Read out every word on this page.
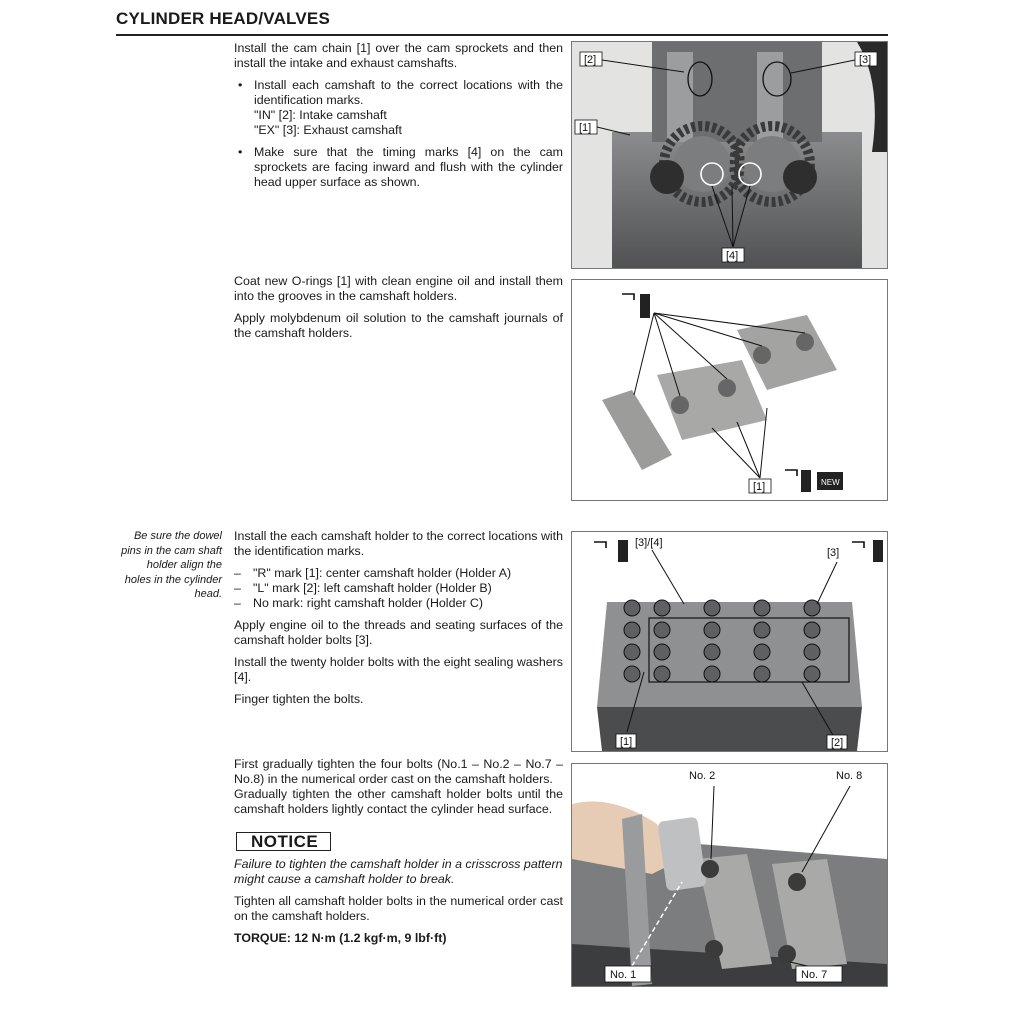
CYLINDER HEAD/VALVES

Install the cam chain [1] over the cam sprockets and then install the intake and exhaust camshafts.

• Install each camshaft to the correct locations with the identification marks.
"IN" [2]: Intake camshaft
"EX" [3]: Exhaust camshaft
• Make sure that the timing marks [4] on the cam sprockets are facing inward and flush with the cylinder head upper surface as shown.
[2]	[3]
[1]
[4]

Coat new O-rings [1] with clean engine oil and install them into the grooves in the camshaft holders.

Apply molybdenum oil solution to the camshaft journals of the camshaft holders.

[1]	NEW
Be sure the dowel pins in the cam shaft holder align the holes in the cylinder head.

Install the each camshaft holder to the correct locations with the identification marks.

– "R" mark [1]: center camshaft holder (Holder A)
– "L" mark [2]: left camshaft holder (Holder B)
– No mark: right camshaft holder (Holder C)

Apply engine oil to the threads and seating surfaces of the camshaft holder bolts [3].

Install the twenty holder bolts with the eight sealing washers [4].

Finger tighten the bolts.

[3]/[4]
[3]
[1]	[2]

First gradually tighten the four bolts (No.1 – No.2 – No.7 – No.8) in the numerical order cast on the camshaft holders.

Gradually tighten the other camshaft holder bolts until the camshaft holders lightly contact the cylinder head surface.

NOTICE

Failure to tighten the camshaft holder in a crisscross pattern might cause a camshaft holder to break.

Tighten all camshaft holder bolts in the numerical order cast on the camshaft holders.

TORQUE: 12 N·m (1.2 kgf·m, 9 lbf·ft)

No. 2	No. 8
No. 1	No. 7
